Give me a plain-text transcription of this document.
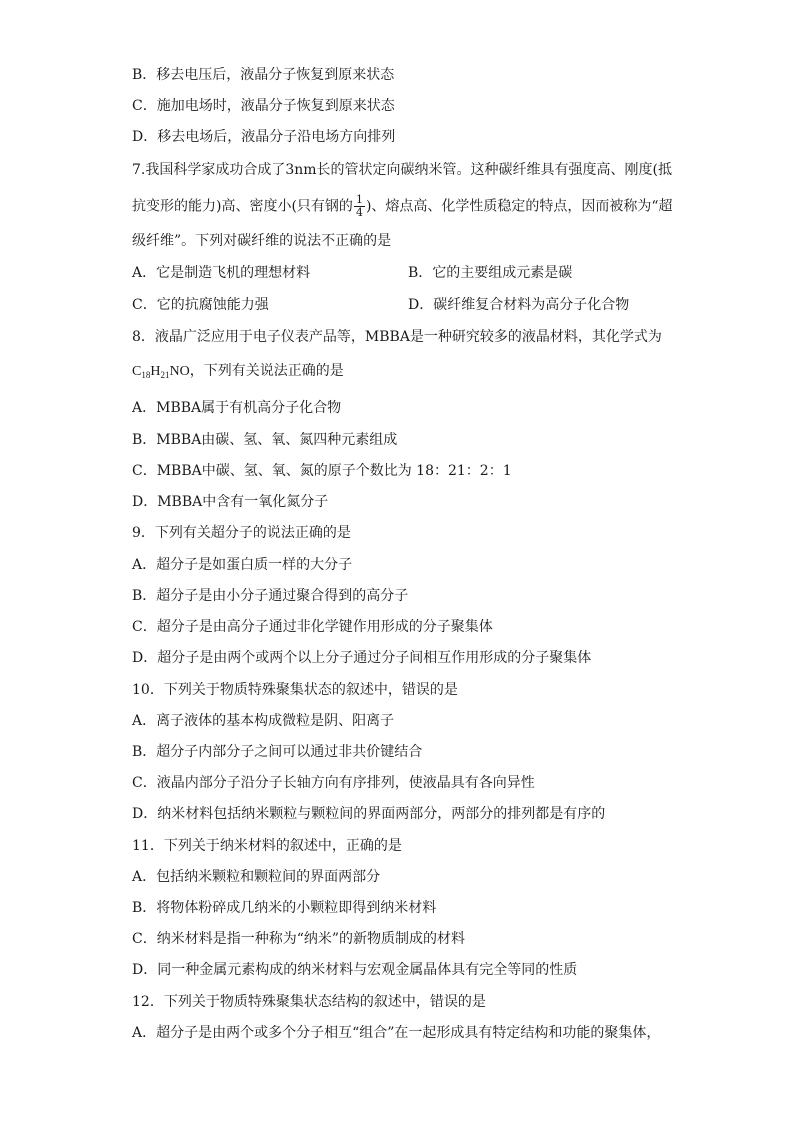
B．移去电压后，液晶分子恢复到原来状态
C．施加电场时，液晶分子恢复到原来状态
D．移去电场后，液晶分子沿电场方向排列
7.我国科学家成功合成了3nm长的管状定向碳纳米管。这种碳纤维具有强度高、刚度(抵
抗变形的能力)高、密度小(只有钢的 $\frac{1}{4}$ )、熔点高、化学性质稳定的特点，因而被称为“超
级纤维”。下列对碳纤维的说法不正确的是
A．它是制造飞机的理想材料	B．它的主要组成元素是碳
C．它的抗腐蚀能力强	D．碳纤维复合材料为高分子化合物
8．液晶广泛应用于电子仪表产品等，MBBA是一种研究较多的液晶材料，其化学式为
$C_{18}H_{21}NO$，下列有关说法正确的是
A．MBBA属于有机高分子化合物
B．MBBA由碳、氢、氧、氮四种元素组成
C．MBBA中碳、氢、氧、氮的原子个数比为 18：21：2：1
D．MBBA中含有一氧化氮分子
9．下列有关超分子的说法正确的是
A．超分子是如蛋白质一样的大分子
B．超分子是由小分子通过聚合得到的高分子
C．超分子是由高分子通过非化学键作用形成的分子聚集体
D．超分子是由两个或两个以上分子通过分子间相互作用形成的分子聚集体
10．下列关于物质特殊聚集状态的叙述中，错误的是
A．离子液体的基本构成微粒是阴、阳离子
B．超分子内部分子之间可以通过非共价键结合
C．液晶内部分子沿分子长轴方向有序排列，使液晶具有各向异性
D．纳米材料包括纳米颗粒与颗粒间的界面两部分，两部分的排列都是有序的
11．下列关于纳米材料的叙述中，正确的是
A．包括纳米颗粒和颗粒间的界面两部分
B．将物体粉碎成几纳米的小颗粒即得到纳米材料
C．纳米材料是指一种称为“纳米”的新物质制成的材料
D．同一种金属元素构成的纳米材料与宏观金属晶体具有完全等同的性质
12．下列关于物质特殊聚集状态结构的叙述中，错误的是
A．超分子是由两个或多个分子相互“组合”在一起形成具有特定结构和功能的聚集体，
